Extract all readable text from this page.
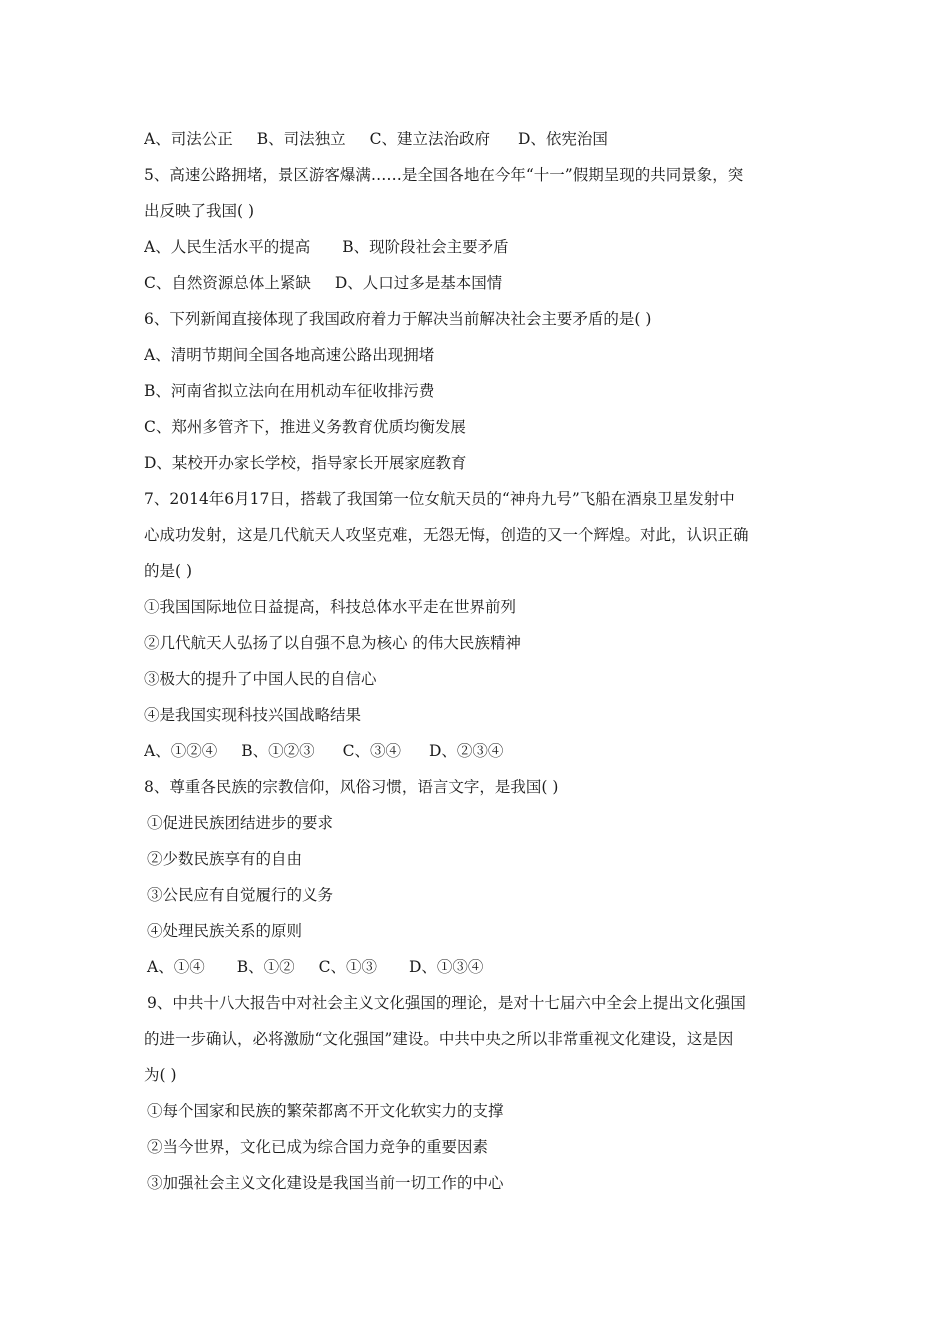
A、司法公正 B、司法独立 C、建立法治政府 D、依宪治国
5、高速公路拥堵，景区游客爆满……是全国各地在今年“十一”假期呈现的共同景象，突
出反映了我国( )
A、人民生活水平的提高 B、现阶段社会主要矛盾
C、自然资源总体上紧缺 D、人口过多是基本国情
6、下列新闻直接体现了我国政府着力于解决当前解决社会主要矛盾的是( )
A、清明节期间全国各地高速公路出现拥堵
B、河南省拟立法向在用机动车征收排污费
C、郑州多管齐下，推进义务教育优质均衡发展
D、某校开办家长学校，指导家长开展家庭教育
7、2014年6月17日，搭载了我国第一位女航天员的“神舟九号”飞船在酒泉卫星发射中
心成功发射，这是几代航天人攻坚克难，无怨无悔，创造的又一个辉煌。对此，认识正确
的是( )
①我国国际地位日益提高，科技总体水平走在世界前列
②几代航天人弘扬了以自强不息为核心 的伟大民族精神
③极大的提升了中国人民的自信心
④是我国实现科技兴国战略结果
A、①②④ B、①②③ C、③④ D、②③④
8、尊重各民族的宗教信仰，风俗习惯，语言文字，是我国( )
①促进民族团结进步的要求
②少数民族享有的自由
③公民应有自觉履行的义务
④处理民族关系的原则
A、①④ B、①② C、①③ D、①③④
9、中共十八大报告中对社会主义文化强国的理论，是对十七届六中全会上提出文化强国
的进一步确认，必将激励“文化强国”建设。中共中央之所以非常重视文化建设，这是因
为( )
①每个国家和民族的繁荣都离不开文化软实力的支撑
②当今世界，文化已成为综合国力竞争的重要因素
③加强社会主义文化建设是我国当前一切工作的中心
